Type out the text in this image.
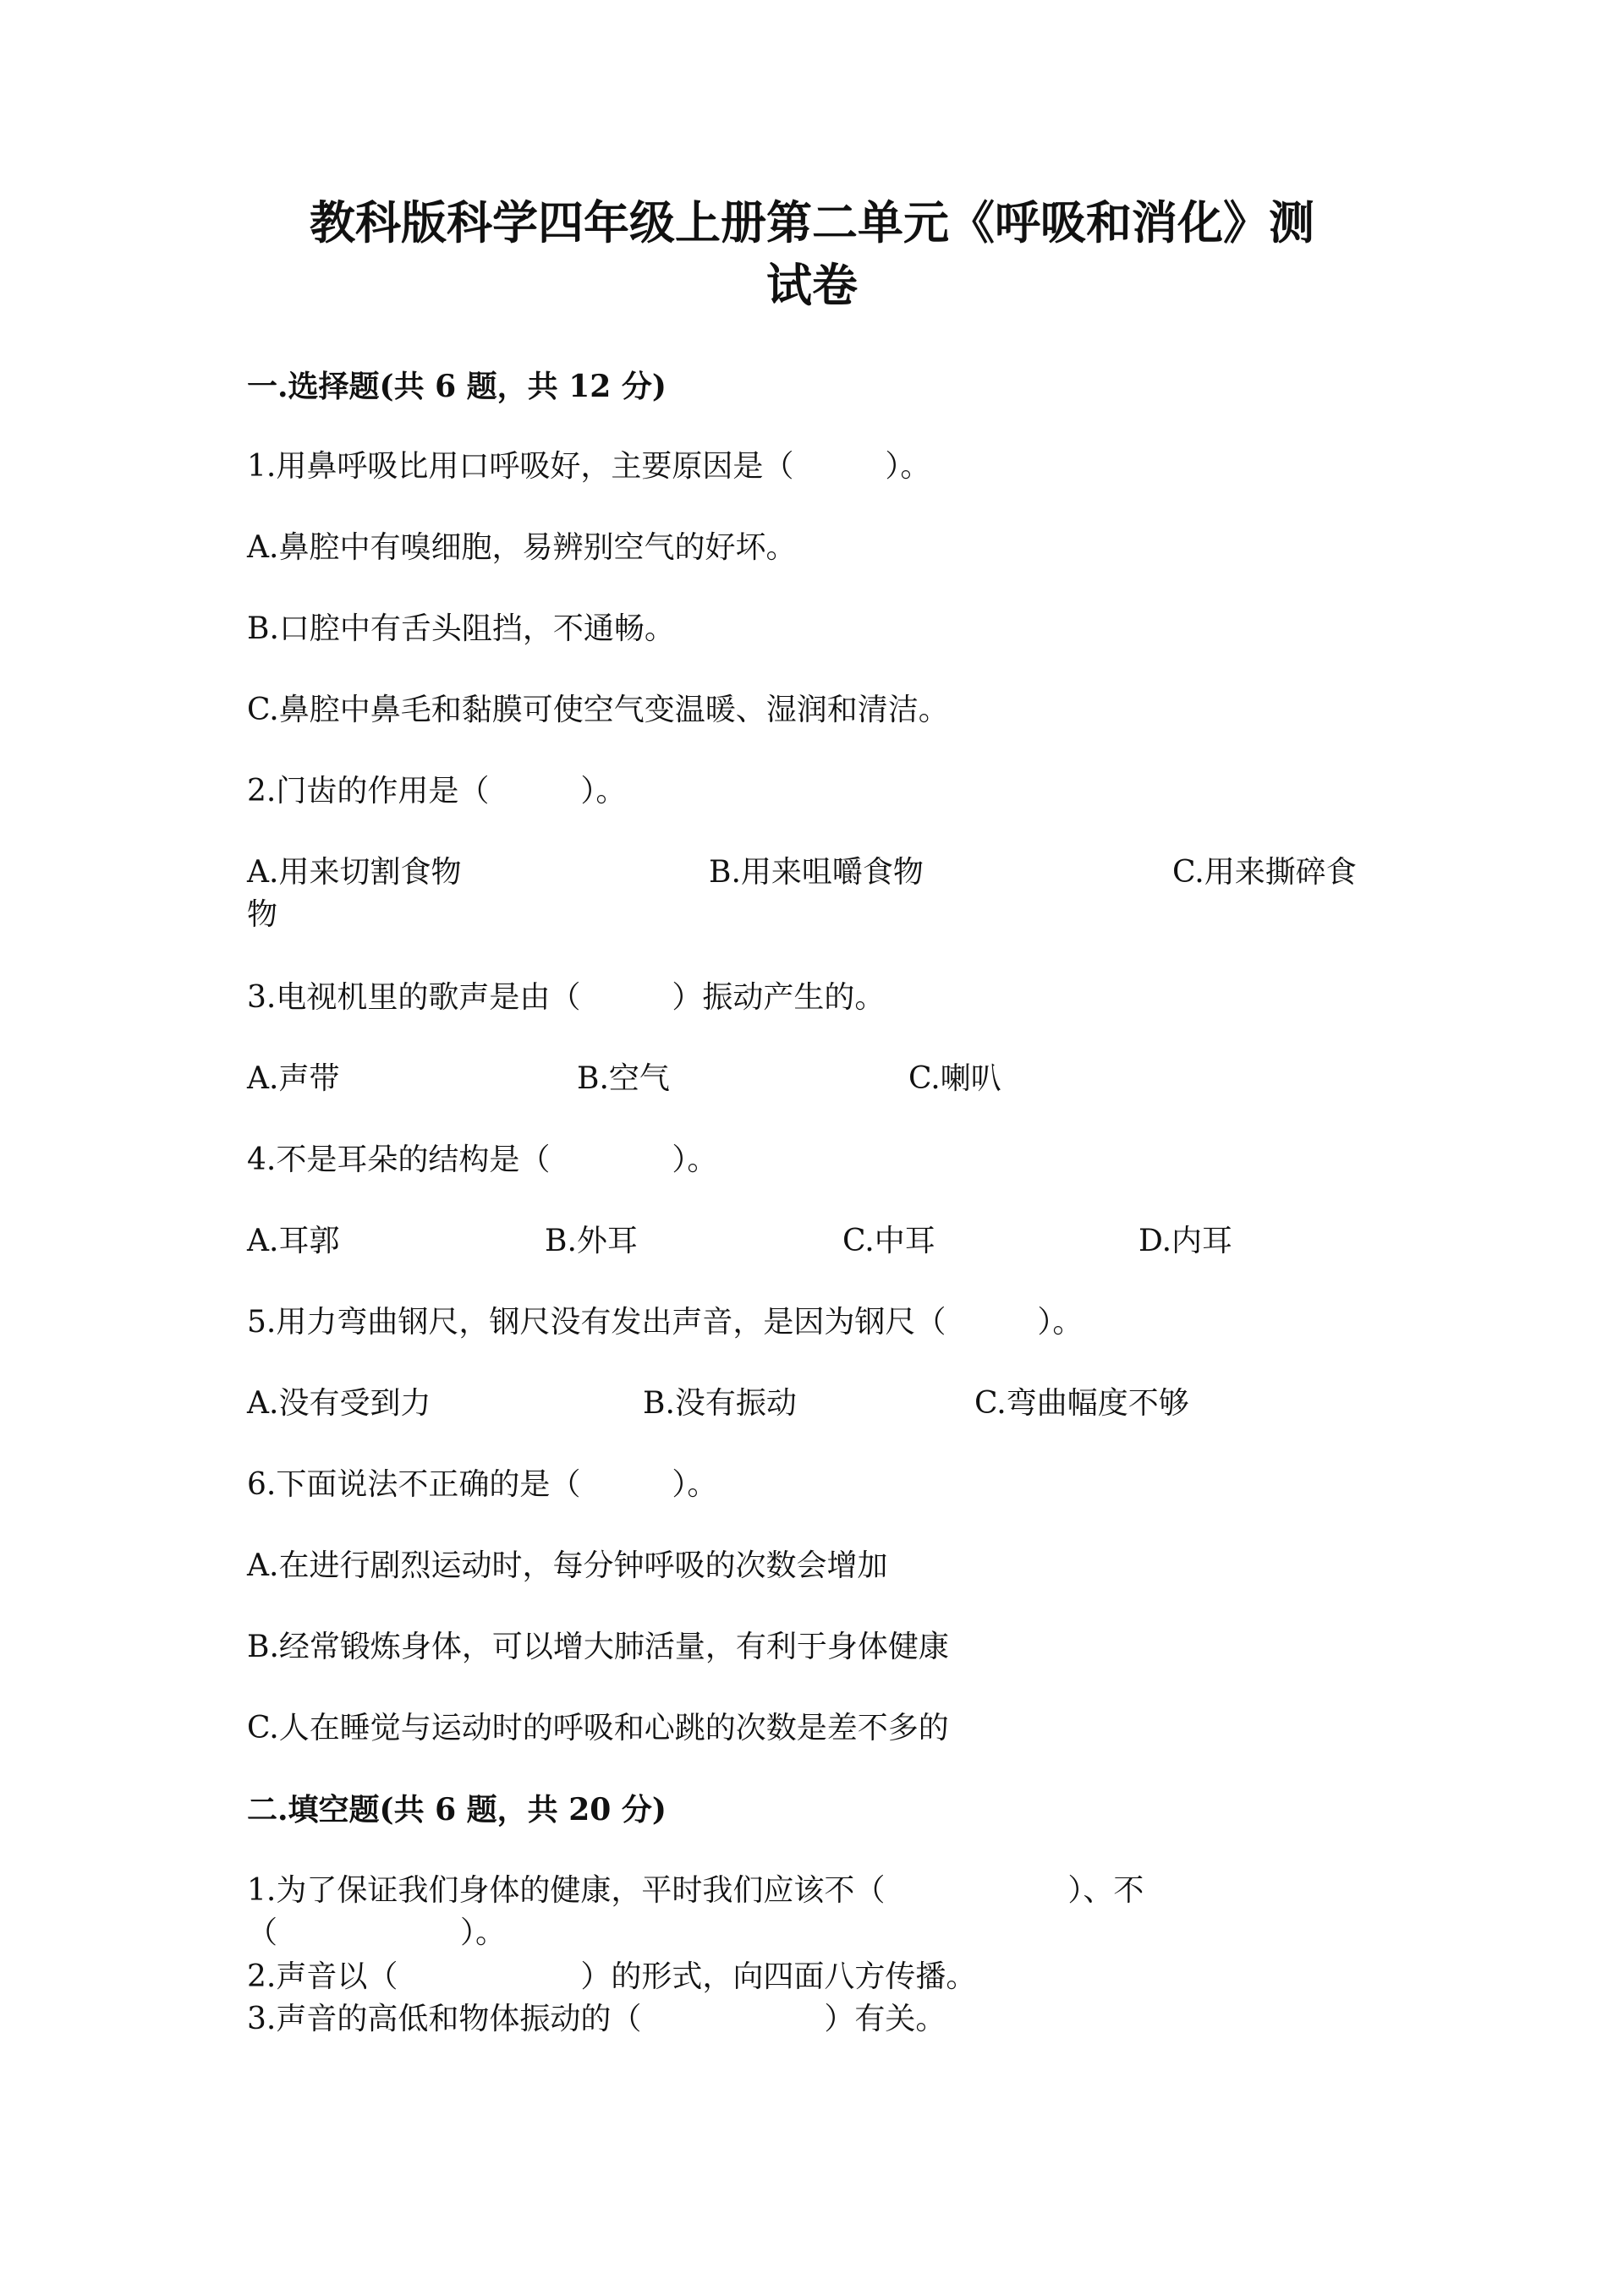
教科版科学四年级上册第二单元《呼吸和消化》测
试卷
一.选择题(共 6 题，共 12 分)
1.用鼻呼吸比用口呼吸好，主要原因是（　　　）。
A.鼻腔中有嗅细胞，易辨别空气的好坏。
B.口腔中有舌头阻挡，不通畅。
C.鼻腔中鼻毛和黏膜可使空气变温暖、湿润和清洁。
2.门齿的作用是（　　　）。
A.用来切割食物	B.用来咀嚼食物	C.用来撕碎食
物
3.电视机里的歌声是由（　　　）振动产生的。
A.声带	B.空气	C.喇叭
4.不是耳朵的结构是（　　　　）。
A.耳郭	B.外耳	C.中耳	D.内耳
5.用力弯曲钢尺，钢尺没有发出声音，是因为钢尺（　　　）。
A.没有受到力	B.没有振动	C.弯曲幅度不够
6.下面说法不正确的是（　　　）。
A.在进行剧烈运动时，每分钟呼吸的次数会增加
B.经常锻炼身体，可以增大肺活量，有利于身体健康
C.人在睡觉与运动时的呼吸和心跳的次数是差不多的
二.填空题(共 6 题，共 20 分)
1.为了保证我们身体的健康，平时我们应该不（　　　　　　）、不
（　　　　　　）。
2.声音以（　　　　　　）的形式，向四面八方传播。
3.声音的高低和物体振动的（　　　　　　）有关。
